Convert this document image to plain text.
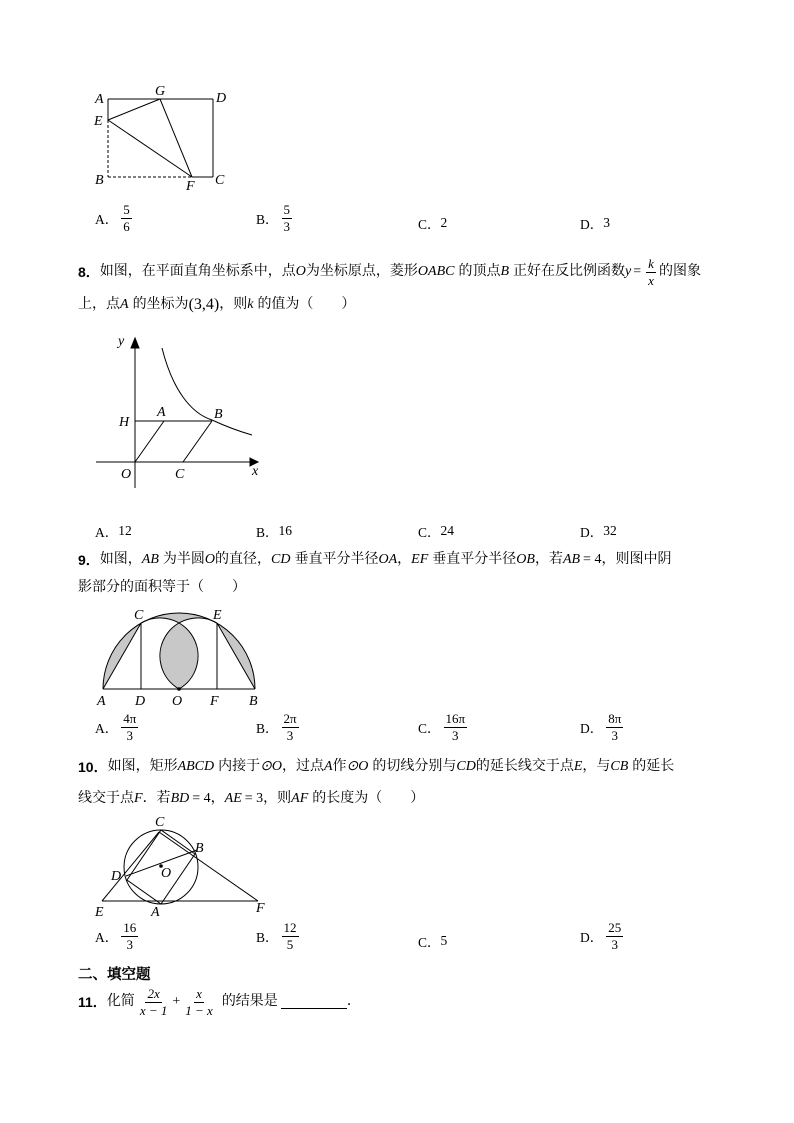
A
G	D
E
B	F C
A． $\frac{5}{6}$	B． $\frac{5}{3}$	C． 2	D． 3
8． 如图，在平面直角坐标系中，点 O 为坐标原点，菱形 OABC 的顶点 B 正好在反比例函数 $y = \frac{k}{x}$ 的图象
上，点 A 的坐标为 (3,4) ，则 k 的值为（　　）
y
H
A	B
O	C	x
A． 12	B． 16	C． 24	D． 32
9． 如图， AB 为半圆 O 的直径， CD 垂直平分半径 OA ， EF 垂直平分半径 OB ，若 AB = 4 ，则图中阴
影部分的面积等于（　　）
C	E
A D O F B
A． $\frac{4\pi}{3}$	B． $\frac{2\pi}{3}$	C． $\frac{16\pi}{3}$	D． $\frac{8\pi}{3}$
10． 如图，矩形 ABCD 内接于 ⊙O ，过点 A 作 ⊙O 的切线分别与 CD 的延长线交于点 E ，与 CB 的延长
线交于点 F ．若 BD = 4 ， AE = 3 ，则 AF 的长度为（　　）
C
B
D	O
E	A	F
A． $\frac{16}{3}$	B． $\frac{12}{5}$	C． 5	D． $\frac{25}{3}$
二、填空题
11． 化简 $\frac{2x}{x - 1} + \frac{x}{1 - x}$ 的结果是	．
